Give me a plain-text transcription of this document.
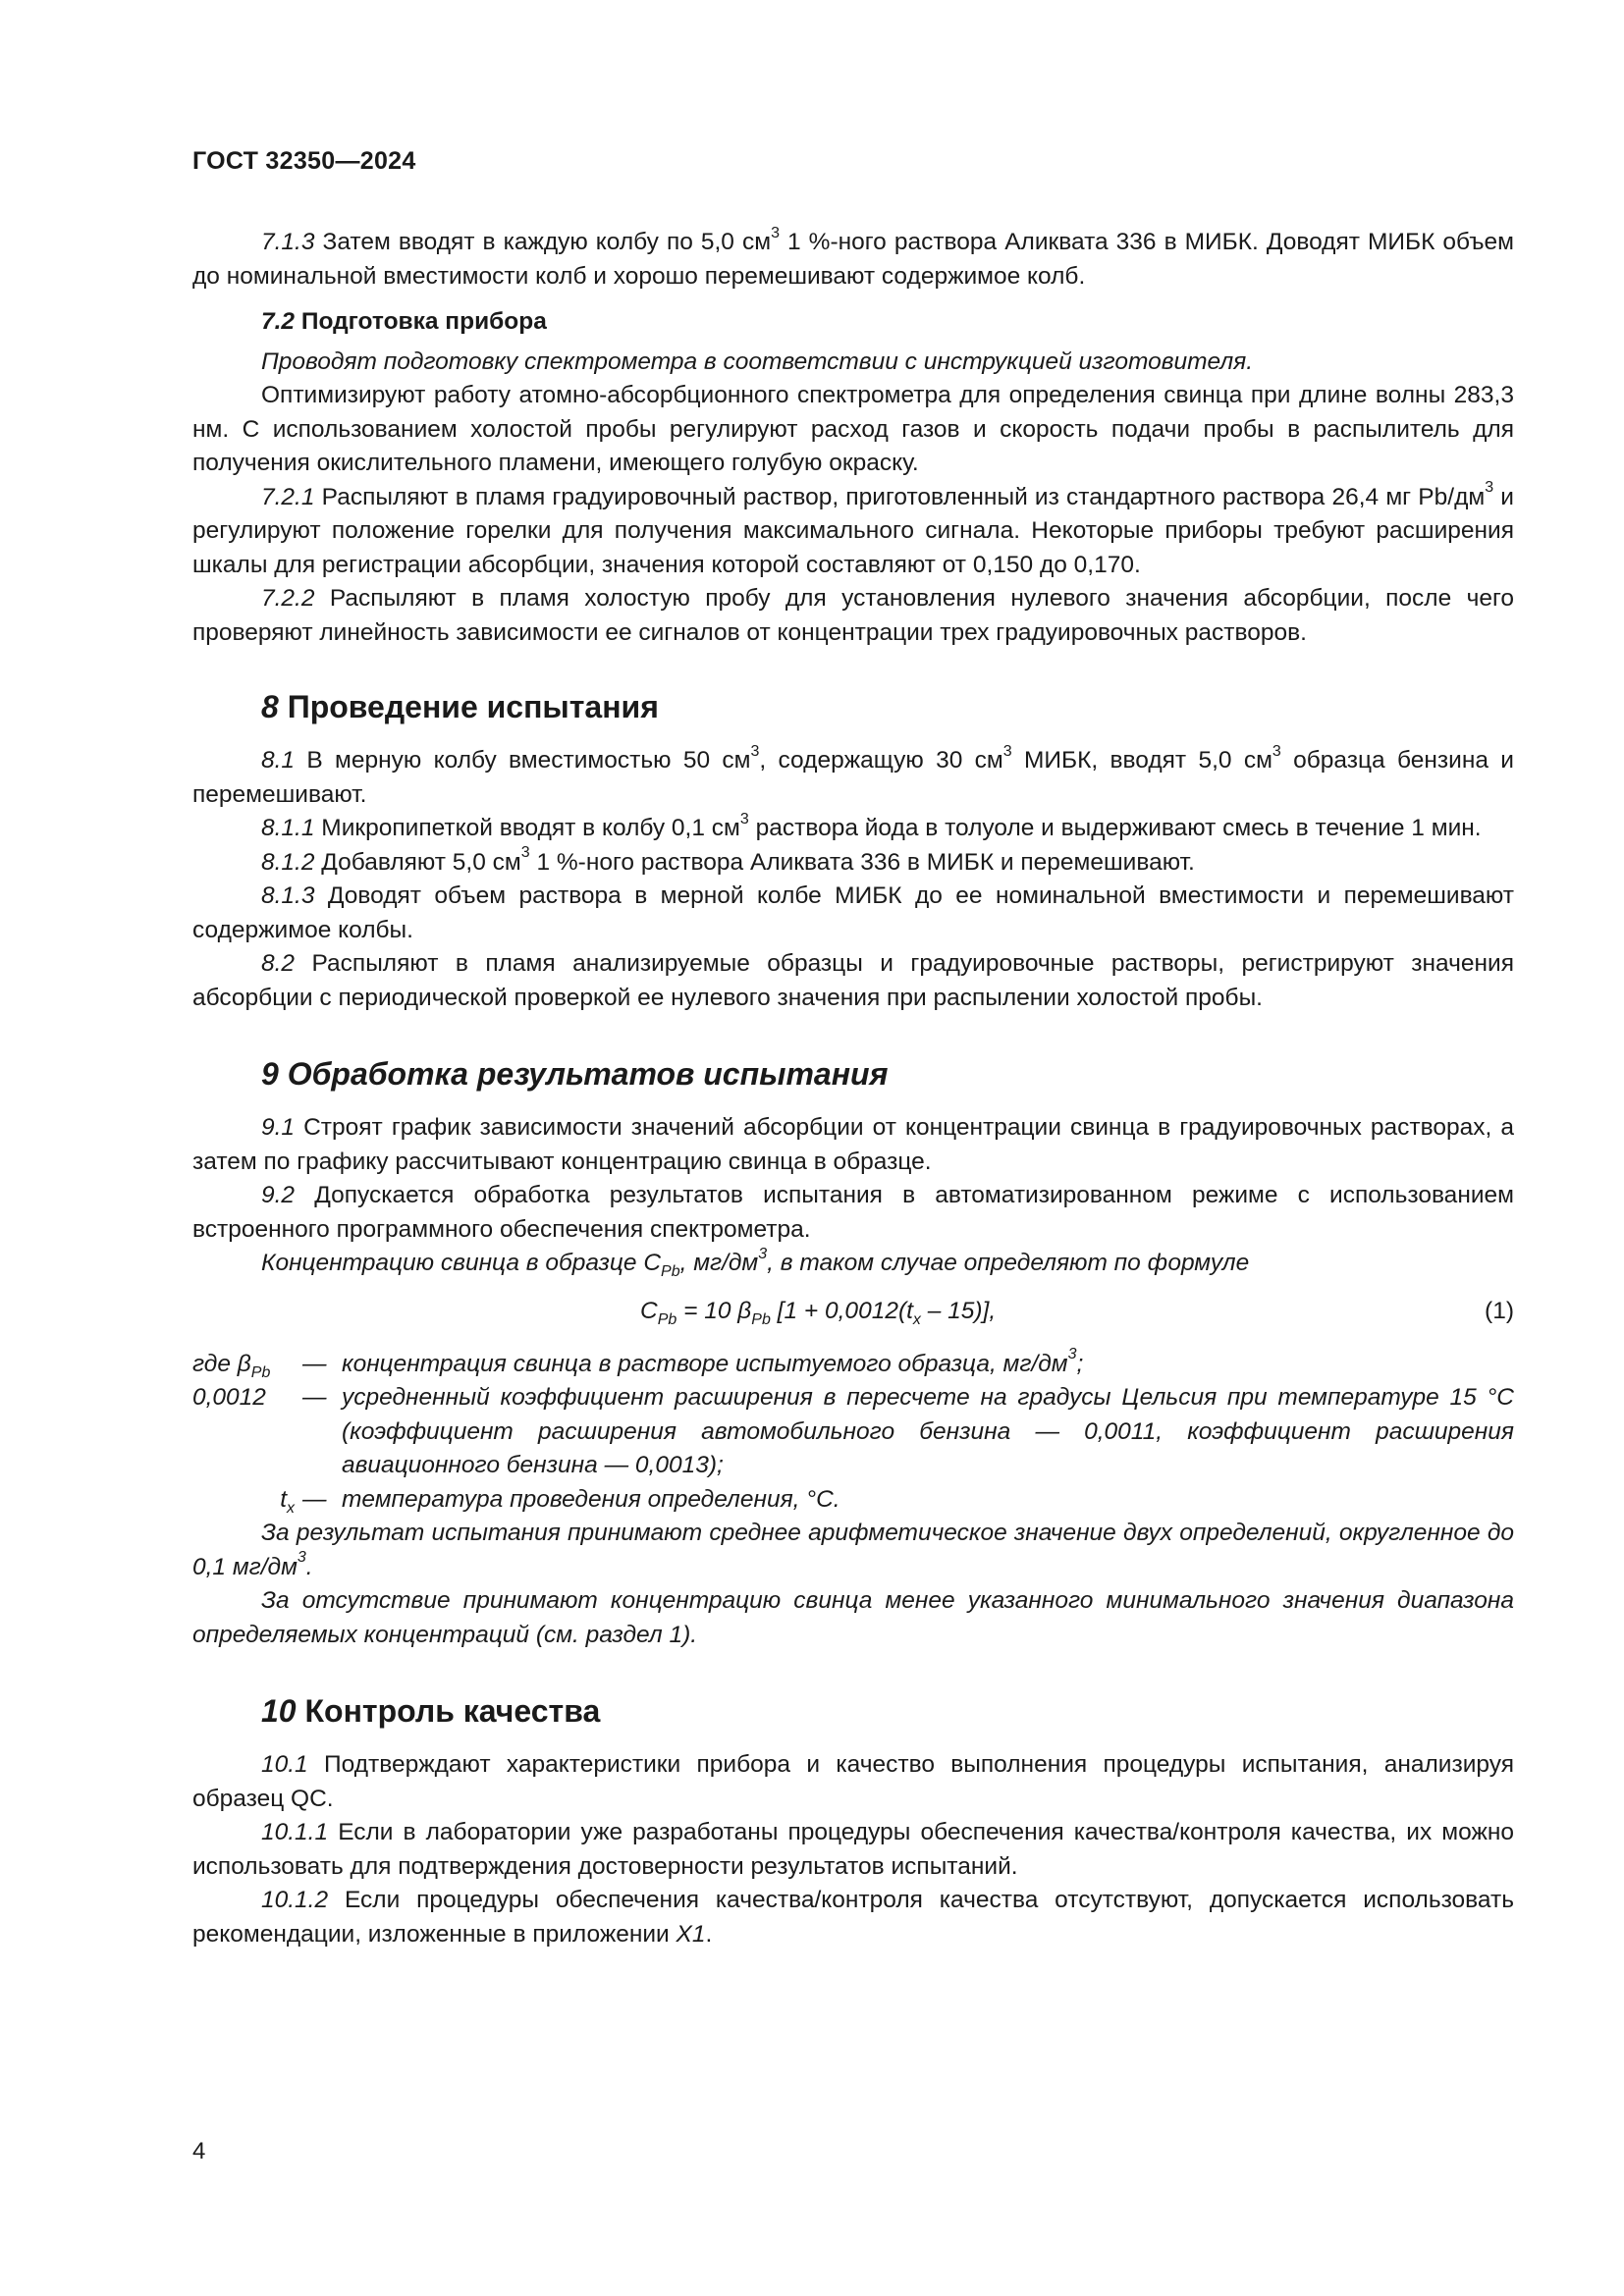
ГОСТ 32350—2024

7.1.3 Затем вводят в каждую колбу по 5,0 $см^3$ 1 %-ного раствора Аликвата 336 в МИБК. Доводят МИБК объем до номинальной вместимости колб и хорошо перемешивают содержимое колб.

7.2 Подготовка прибора

Проводят подготовку спектрометра в соответствии с инструкцией изготовителя.

Оптимизируют работу атомно-абсорбционного спектрометра для определения свинца при длине волны 283,3 нм. С использованием холостой пробы регулируют расход газов и скорость подачи пробы в распылитель для получения окислительного пламени, имеющего голубую окраску.

7.2.1 Распыляют в пламя градуировочный раствор, приготовленный из стандартного раствора 26,4 мг $Pb/дм^3$ и регулируют положение горелки для получения максимального сигнала. Некоторые приборы требуют расширения шкалы для регистрации абсорбции, значения которой составляют от 0,150 до 0,170.

7.2.2 Распыляют в пламя холостую пробу для установления нулевого значения абсорбции, после чего проверяют линейность зависимости ее сигналов от концентрации трех градуировочных растворов.

8 Проведение испытания

8.1 В мерную колбу вместимостью 50 $см^3$, содержащую 30 $см^3$ МИБК, вводят 5,0 $см^3$ образца бензина и перемешивают.

8.1.1 Микропипеткой вводят в колбу 0,1 $см^3$ раствора йода в толуоле и выдерживают смесь в течение 1 мин.

8.1.2 Добавляют 5,0 $см^3$ 1 %-ного раствора Аликвата 336 в МИБК и перемешивают.

8.1.3 Доводят объем раствора в мерной колбе МИБК до ее номинальной вместимости и перемешивают содержимое колбы.

8.2 Распыляют в пламя анализируемые образцы и градуировочные растворы, регистрируют значения абсорбции с периодической проверкой ее нулевого значения при распылении холостой пробы.

9 Обработка результатов испытания

9.1 Строят график зависимости значений абсорбции от концентрации свинца в градуировочных растворах, а затем по графику рассчитывают концентрацию свинца в образце.

9.2 Допускается обработка результатов испытания в автоматизированном режиме с использованием встроенного программного обеспечения спектрометра.

Концентрацию свинца в образце $C_{Pb}$, $мг/дм^3$, в таком случае определяют по формуле

$C_{Pb} = 10$ $\beta_{Pb}$ $[1 + 0,0012(t_x - 15)]$,	(1)
где $\beta_{Pb}$	— концентрация свинца в растворе испытуемого образца, $мг/дм^3$;
0,0012	— усредненный коэффициент расширения в пересчете на градусы Цельсия при температуре 15 °С (коэффициент расширения автомобильного бензина — 0,0011, коэффициент расширения авиационного бензина — 0,0013);
$t_x$ — температура проведения определения, °С.

За результат испытания принимают среднее арифметическое значение двух определений, округленное до 0,1 $мг/дм^3$.

За отсутствие принимают концентрацию свинца менее указанного минимального значения диапазона определяемых концентраций (см. раздел 1).

10 Контроль качества

10.1 Подтверждают характеристики прибора и качество выполнения процедуры испытания, анализируя образец QC.

10.1.1 Если в лаборатории уже разработаны процедуры обеспечения качества/контроля качества, их можно использовать для подтверждения достоверности результатов испытаний.

10.1.2 Если процедуры обеспечения качества/контроля качества отсутствуют, допускается использовать рекомендации, изложенные в приложении X1.

4
